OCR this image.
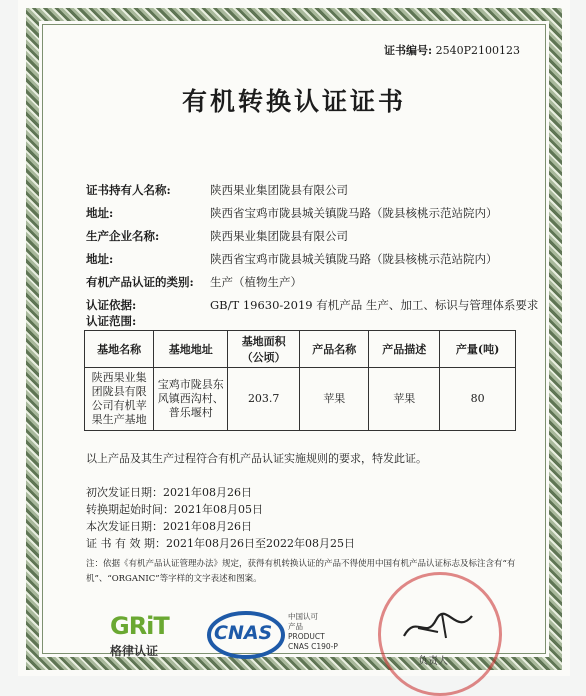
证书编号: 2540P2100123
有机转换认证证书
证书持有人名称:	陕西果业集团陇县有限公司
地址:	陕西省宝鸡市陇县城关镇陇马路（陇县核桃示范站院内）
生产企业名称:	陕西果业集团陇县有限公司
地址:	陕西省宝鸡市陇县城关镇陇马路（陇县核桃示范站院内）
有机产品认证的类别: 生产（植物生产）
认证依据:	GB/T 19630-2019 有机产品 生产、加工、标识与管理体系要求
认证范围:
基地名称	基地地址	基地面积（公顷）	产品名称	产品描述	产量(吨)
陕西果业集团陇县有限公司有机苹果生产基地	宝鸡市陇县东风镇西沟村、普乐堰村	203.7	苹果	苹果	80
以上产品及其生产过程符合有机产品认证实施规则的要求，特发此证。
初次发证日期：2021年08月26日
转换期起始时间：2021年08月05日
本次发证日期：2021年08月26日
证 书 有 效 期：2021年08月26日至2022年08月25日
注：依据《有机产品认证管理办法》规定，获得有机转换认证的产品不得使用中国有机产品认证标志及标注含有“有机”、“ORGANIC”等字样的文字表述和图案。
GRiT
格律认证
CNAS
中国认可
产品
PRODUCT
CNAS C190-P
负责人
